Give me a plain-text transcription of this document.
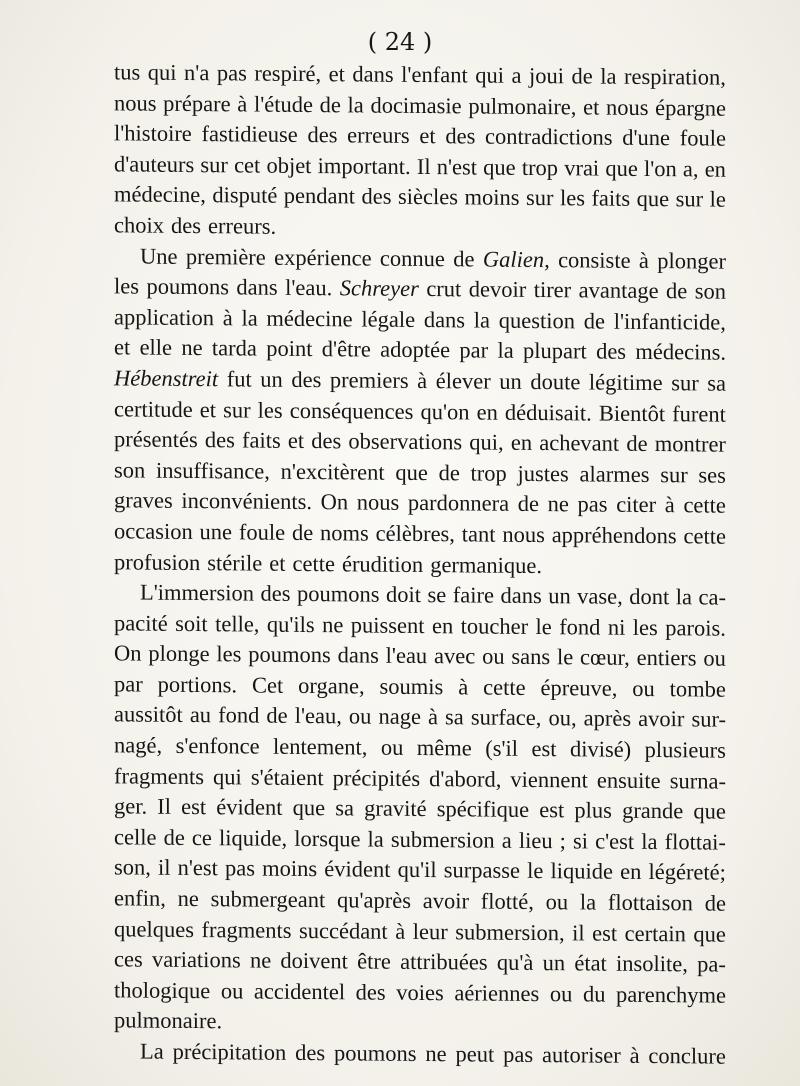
( 24 )
tus qui n'a pas respiré, et dans l'enfant qui a joui de la respiration,
nous prépare à l'étude de la docimasie pulmonaire, et nous épargne
l'histoire fastidieuse des erreurs et des contradictions d'une foule
d'auteurs sur cet objet important. Il n'est que trop vrai que l'on a, en
médecine, disputé pendant des siècles moins sur les faits que sur le
choix des erreurs.
Une première expérience connue de Galien, consiste à plonger
les poumons dans l'eau. Schreyer crut devoir tirer avantage de son
application à la médecine légale dans la question de l'infanticide,
et elle ne tarda point d'être adoptée par la plupart des médecins.
Hébenstreit fut un des premiers à élever un doute légitime sur sa
certitude et sur les conséquences qu'on en déduisait. Bientôt furent
présentés des faits et des observations qui, en achevant de montrer
son insuffisance, n'excitèrent que de trop justes alarmes sur ses
graves inconvénients. On nous pardonnera de ne pas citer à cette
occasion une foule de noms célèbres, tant nous appréhendons cette
profusion stérile et cette érudition germanique.
L'immersion des poumons doit se faire dans un vase, dont la ca-
pacité soit telle, qu'ils ne puissent en toucher le fond ni les parois.
On plonge les poumons dans l'eau avec ou sans le cœur, entiers ou
par portions. Cet organe, soumis à cette épreuve, ou tombe
aussitôt au fond de l'eau, ou nage à sa surface, ou, après avoir sur-
nagé, s'enfonce lentement, ou même (s'il est divisé) plusieurs
fragments qui s'étaient précipités d'abord, viennent ensuite surna-
ger. Il est évident que sa gravité spécifique est plus grande que
celle de ce liquide, lorsque la submersion a lieu ; si c'est la flottai-
son, il n'est pas moins évident qu'il surpasse le liquide en légéreté;
enfin, ne submergeant qu'après avoir flotté, ou la flottaison de
quelques fragments succédant à leur submersion, il est certain que
ces variations ne doivent être attribuées qu'à un état insolite, pa-
thologique ou accidentel des voies aériennes ou du parenchyme
pulmonaire.
La précipitation des poumons ne peut pas autoriser à conclure
